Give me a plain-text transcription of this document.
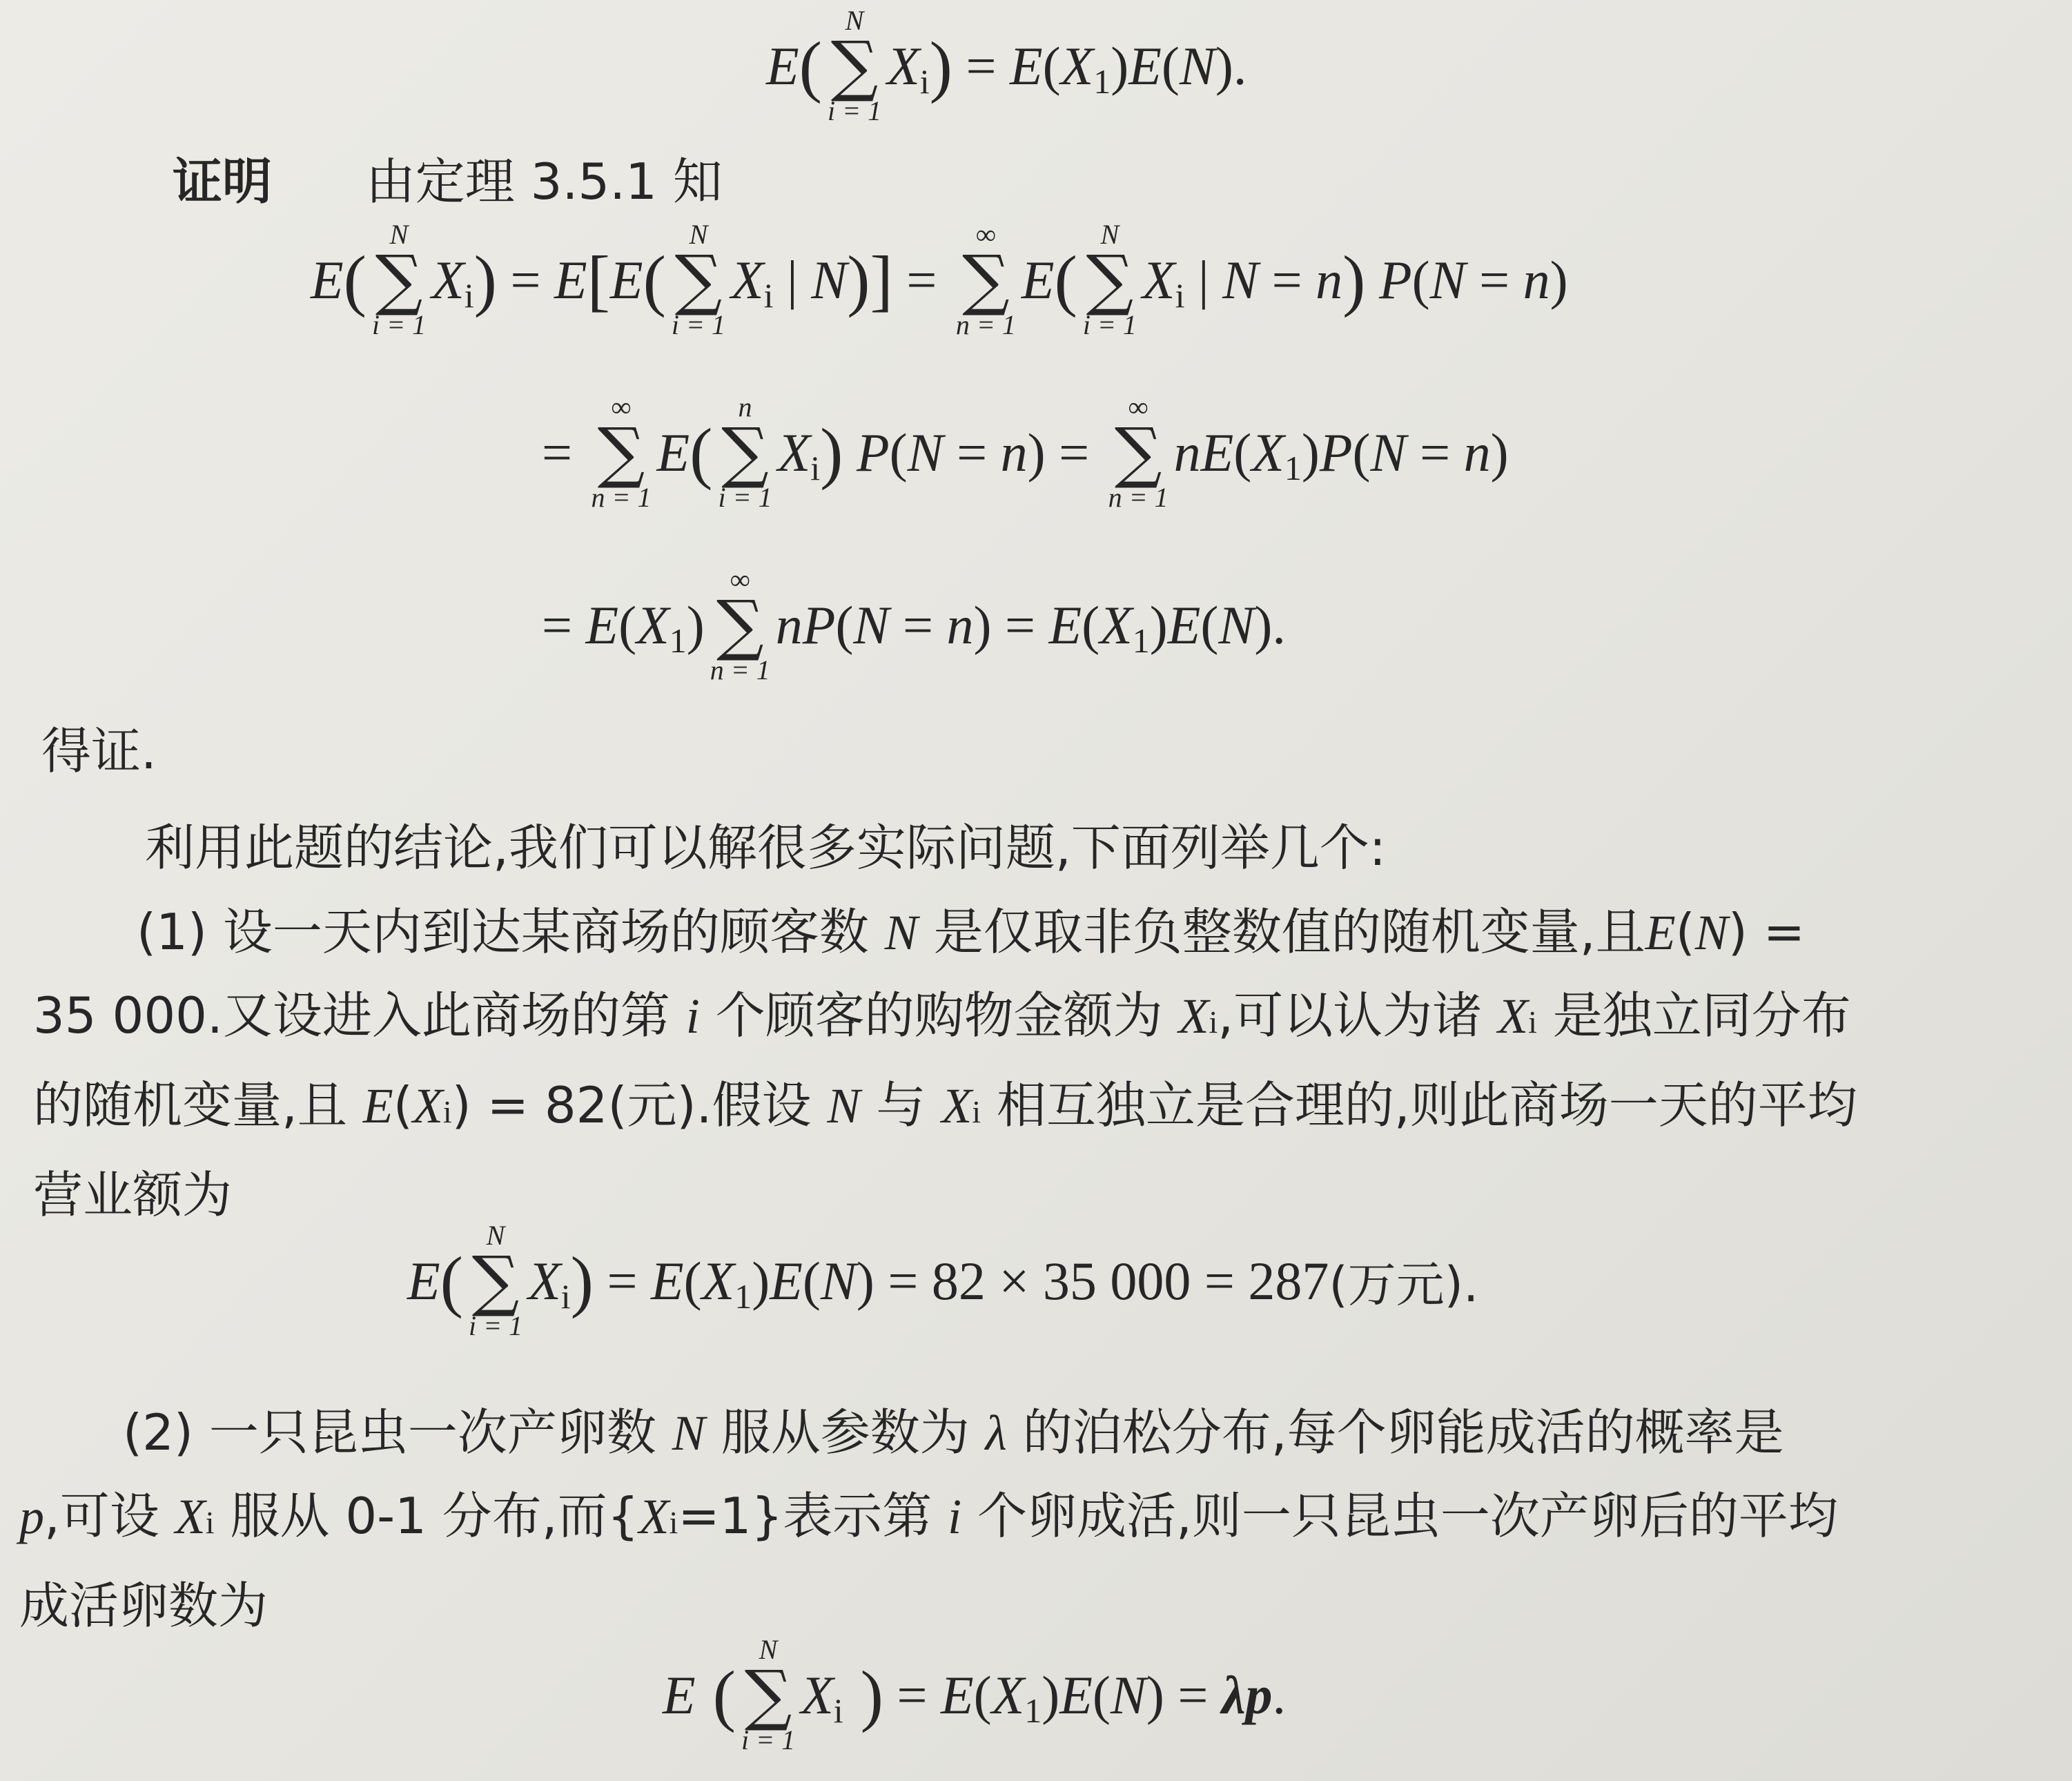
E (
N
∑
i = 1
X i ) = E ( X 1 ) E ( N ).
证明 由定理 3.5.1 知
E (
N
∑
i = 1
X i ) = E [ E (
N
∑
i = 1
X i | N ) ] =
∞
∑
n = 1
E (
N
∑
i = 1
X i | N = n )
P ( N = n )
=
∞
∑
n = 1
E (
n
∑
i = 1
X i )
P ( N = n ) =
∞
∑
n = 1
nE ( X 1 ) P ( N = n )
= E ( X 1 )
∞
∑
n = 1
nP ( N = n ) = E ( X 1 ) E ( N ).
得证.
利用此题的结论,我们可以解很多实际问题,下面列举几个:
(1) 设一天内到达某商场的顾客数 N 是仅取非负整数值的随机变量,且E(N) =
35 000.又设进入此商场的第 i 个顾客的购物金额为 Xi,可以认为诸 Xi 是独立同分布
的随机变量,且 E(Xi) = 82(元).假设 N 与 Xi 相互独立是合理的,则此商场一天的平均
营业额为
E (
N
∑
i = 1
X i ) = E ( X 1 ) E ( N ) = 82 × 35 000 = 287 (万元).
(2) 一只昆虫一次产卵数 N 服从参数为 λ 的泊松分布,每个卵能成活的概率是
p,可设 Xi 服从 0-1 分布,而{Xi=1}表示第 i 个卵成活,则一只昆虫一次产卵后的平均
成活卵数为
E (
N
∑
i = 1
X i ) = E ( X 1 ) E ( N ) = λp .
